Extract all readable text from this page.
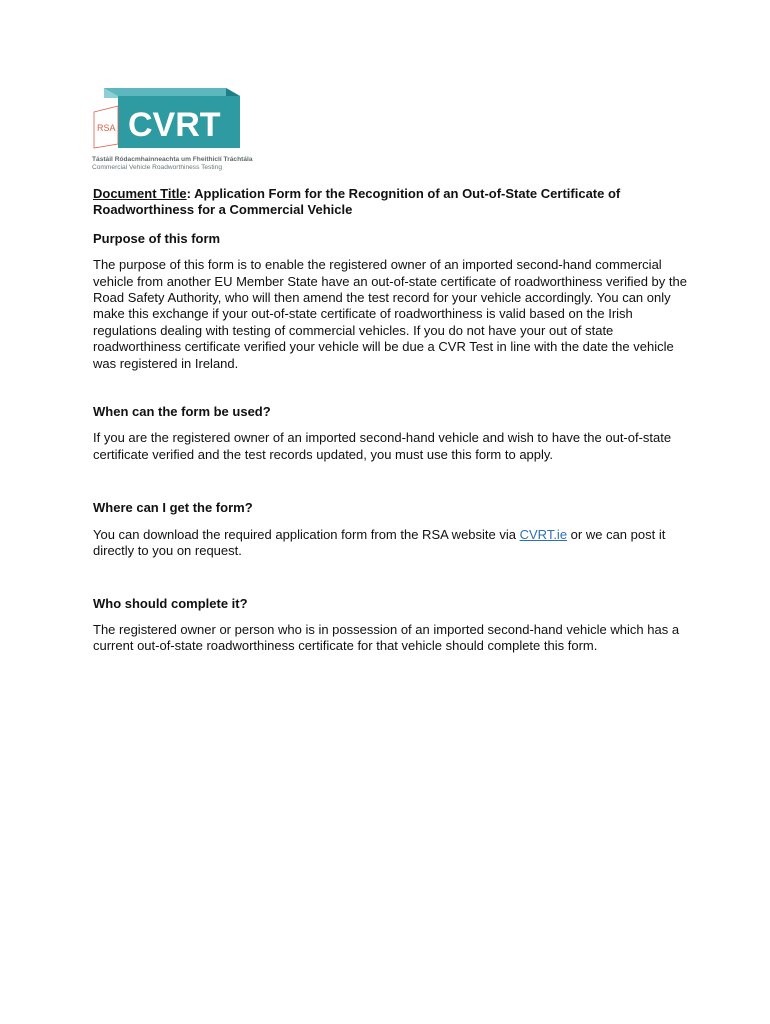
RSA CVRT
Tástáil Ródacmhainneachta um Fheithiclí Tráchtála
Commercial Vehicle Roadworthiness Testing
Document Title: Application Form for the Recognition of an Out-of-State Certificate of Roadworthiness for a Commercial Vehicle
Purpose of this form

The purpose of this form is to enable the registered owner of an imported second-hand commercial vehicle from another EU Member State have an out-of-state certificate of roadworthiness verified by the Road Safety Authority, who will then amend the test record for your vehicle accordingly. You can only make this exchange if your out-of-state certificate of roadworthiness is valid based on the Irish regulations dealing with testing of commercial vehicles. If you do not have your out of state roadworthiness certificate verified your vehicle will be due a CVR Test in line with the date the vehicle was registered in Ireland.

When can the form be used?

If you are the registered owner of an imported second-hand vehicle and wish to have the out-of-state certificate verified and the test records updated, you must use this form to apply.

Where can I get the form?

You can download the required application form from the RSA website via CVRT.ie or we can post it directly to you on request.

Who should complete it?

The registered owner or person who is in possession of an imported second-hand vehicle which has a current out-of-state roadworthiness certificate for that vehicle should complete this form.
